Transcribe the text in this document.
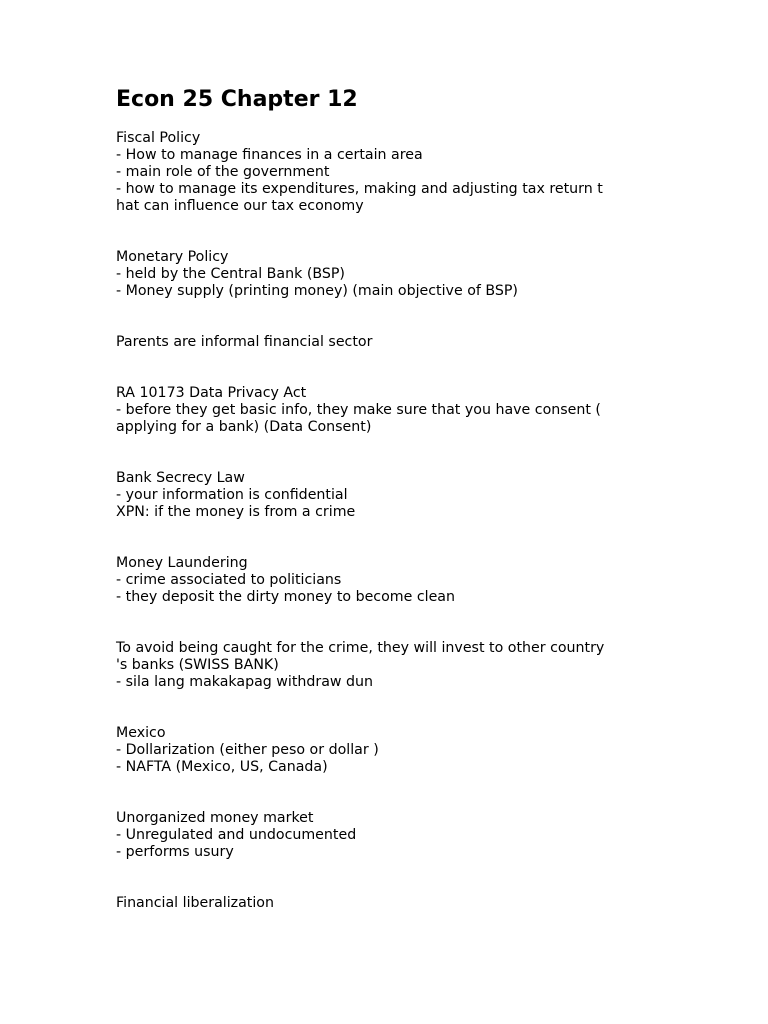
Econ 25 Chapter 12

Fiscal Policy

- How to manage finances in a certain area

- main role of the government

- how to manage its expenditures, making and adjusting tax return t

hat can influence our tax economy

Monetary Policy

- held by the Central Bank (BSP)

- Money supply (printing money) (main objective of BSP)

Parents are informal financial sector

RA 10173 Data Privacy Act

- before they get basic info, they make sure that you have consent (

applying for a bank) (Data Consent)

Bank Secrecy Law

- your information is confidential

XPN: if the money is from a crime

Money Laundering

- crime associated to politicians

- they deposit the dirty money to become clean

To avoid being caught for the crime, they will invest to other country

's banks (SWISS BANK)

- sila lang makakapag withdraw dun

Mexico

- Dollarization (either peso or dollar )

- NAFTA (Mexico, US, Canada)

Unorganized money market

- Unregulated and undocumented

- performs usury

Financial liberalization
